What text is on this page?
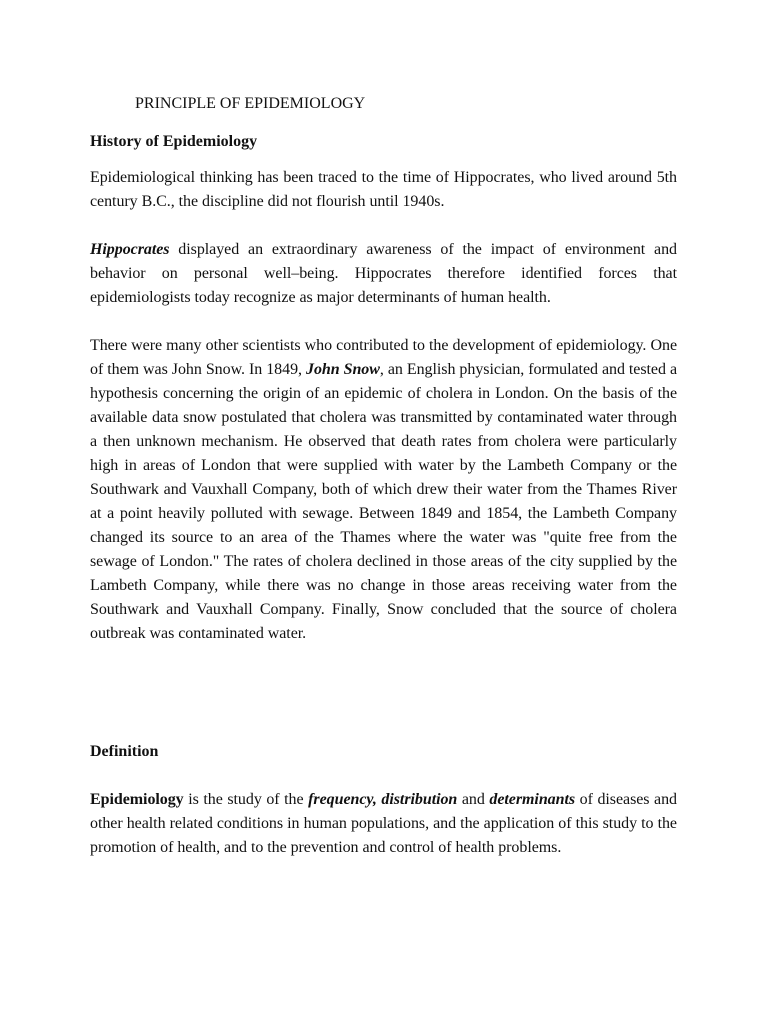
PRINCIPLE OF EPIDEMIOLOGY
History of Epidemiology

Epidemiological thinking has been traced to the time of Hippocrates, who lived around 5th century B.C., the discipline did not flourish until 1940s.

Hippocrates displayed an extraordinary awareness of the impact of environment and behavior on personal well–being. Hippocrates therefore identified forces that epidemiologists today recognize as major determinants of human health.

There were many other scientists who contributed to the development of epidemiology. One of them was John Snow. In 1849, John Snow, an English physician, formulated and tested a hypothesis concerning the origin of an epidemic of cholera in London. On the basis of the available data snow postulated that cholera was transmitted by contaminated water through a then unknown mechanism. He observed that death rates from cholera were particularly high in areas of London that were supplied with water by the Lambeth Company or the Southwark and Vauxhall Company, both of which drew their water from the Thames River at a point heavily polluted with sewage. Between 1849 and 1854, the Lambeth Company changed its source to an area of the Thames where the water was "quite free from the sewage of London." The rates of cholera declined in those areas of the city supplied by the Lambeth Company, while there was no change in those areas receiving water from the Southwark and Vauxhall Company. Finally, Snow concluded that the source of cholera outbreak was contaminated water.

Definition

Epidemiology is the study of the frequency, distribution and determinants of diseases and other health related conditions in human populations, and the application of this study to the promotion of health, and to the prevention and control of health problems.
